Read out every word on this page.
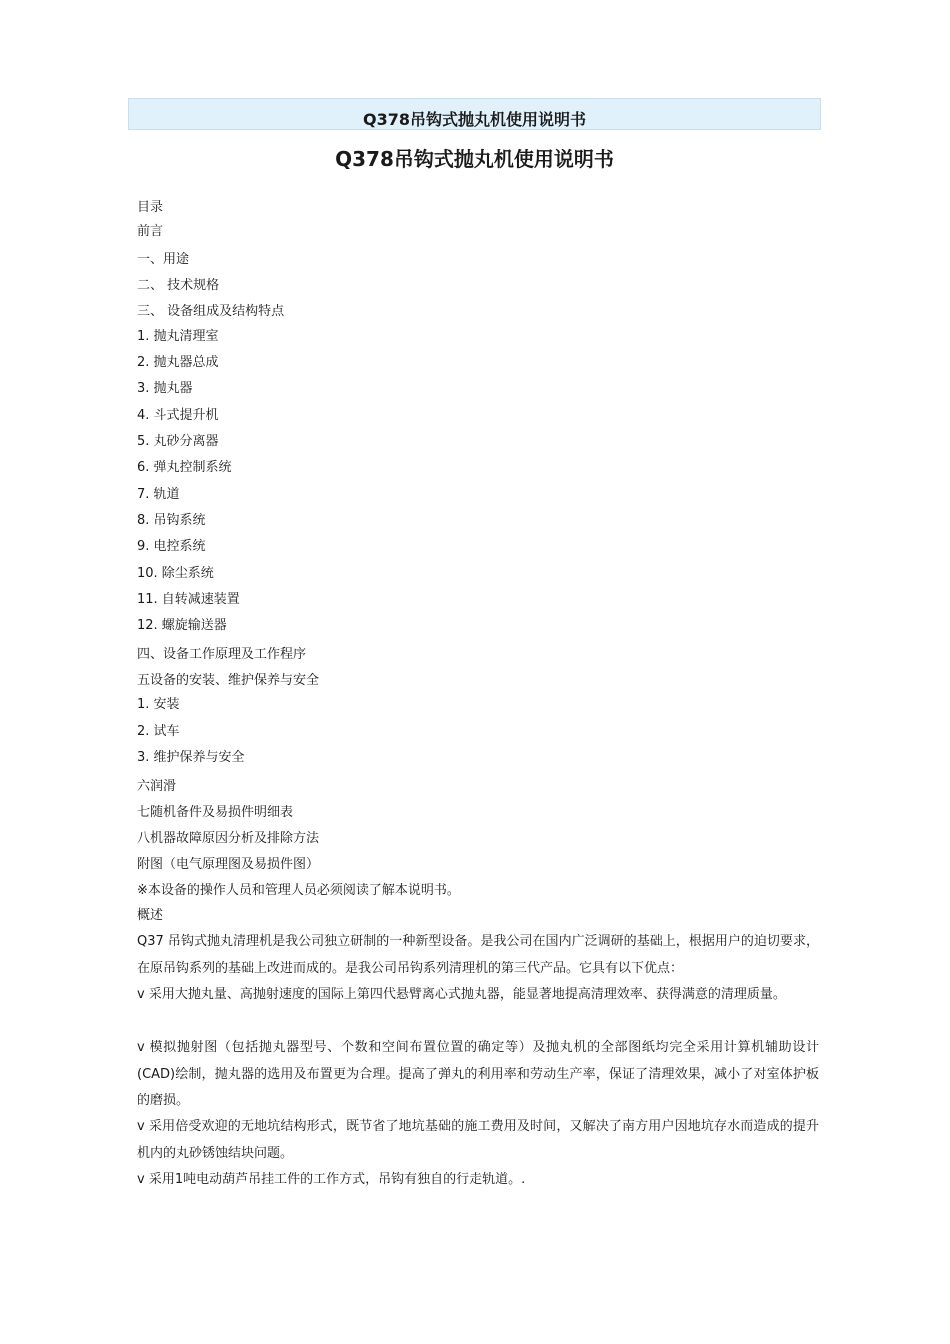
Q378吊钩式抛丸机使用说明书
Q378吊钩式抛丸机使用说明书
目录
前言
一、用途
二、 技术规格
三、 设备组成及结构特点
1. 抛丸清理室
2. 抛丸器总成
3. 抛丸器
4. 斗式提升机
5. 丸砂分离器
6. 弹丸控制系统
7. 轨道
8. 吊钩系统
9. 电控系统
10. 除尘系统
11. 自转减速装置
12. 螺旋输送器
四、设备工作原理及工作程序
五设备的安装、维护保养与安全
1. 安装
2. 试车
3. 维护保养与安全
六润滑
七随机备件及易损件明细表
八机器故障原因分析及排除方法
附图（电气原理图及易损件图）
※本设备的操作人员和管理人员必须阅读了解本说明书。
概述
Q37 吊钩式抛丸清理机是我公司独立研制的一种新型设备。是我公司在国内广泛调研的基础上，根据用户的迫切要求，在原吊钩系列的基础上改进而成的。是我公司吊钩系列清理机的第三代产品。它具有以下优点：
v 采用大抛丸量、高抛射速度的国际上第四代悬臂离心式抛丸器，能显著地提高清理效率、获得满意的清理质量。
v 模拟抛射图（包括抛丸器型号、个数和空间布置位置的确定等）及抛丸机的全部图纸均完全采用计算机辅助设计(CAD)绘制，抛丸器的选用及布置更为合理。提高了弹丸的利用率和劳动生产率，保证了清理效果，减小了对室体护板的磨损。
v 采用倍受欢迎的无地坑结构形式，既节省了地坑基础的施工费用及时间，又解决了南方用户因地坑存水而造成的提升机内的丸砂锈蚀结块问题。
v 采用1吨电动葫芦吊挂工件的工作方式，吊钩有独自的行走轨道。.
